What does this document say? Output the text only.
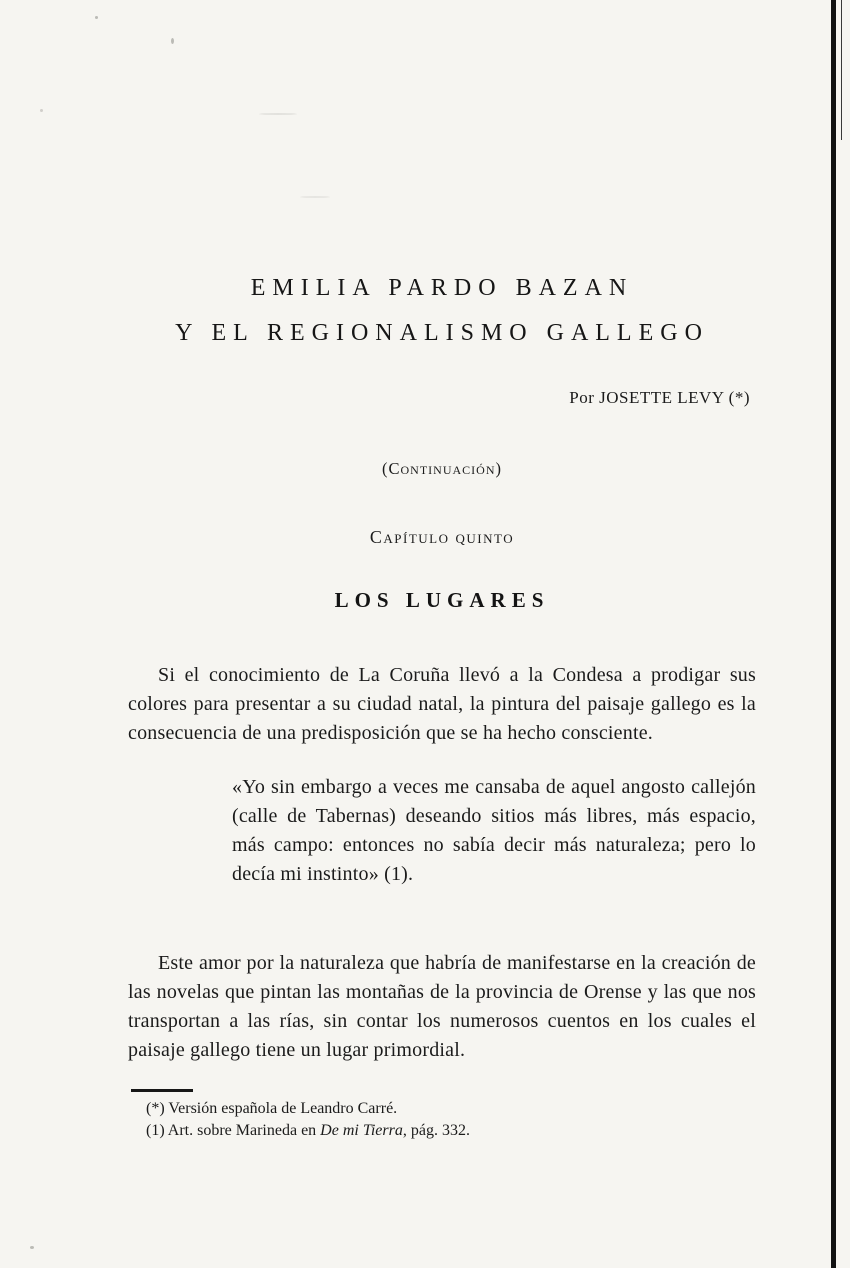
EMILIA PARDO BAZAN
Y EL REGIONALISMO GALLEGO
Por JOSETTE LEVY (*)
(Continuación)
Capítulo quinto
LOS LUGARES

Si el conocimiento de La Coruña llevó a la Condesa a prodigar sus colores para presentar a su ciudad natal, la pintura del paisaje gallego es la consecuencia de una predisposición que se ha hecho consciente.

«Yo sin embargo a veces me cansaba de aquel angosto callejón (calle de Tabernas) deseando sitios más libres, más espacio, más campo: entonces no sabía decir más naturaleza; pero lo decía mi instinto» (1).

Este amor por la naturaleza que habría de manifestarse en la creación de las novelas que pintan las montañas de la provincia de Orense y las que nos transportan a las rías, sin contar los numerosos cuentos en los cuales el paisaje gallego tiene un lugar primordial.

(*) Versión española de Leandro Carré.
(1) Art. sobre Marineda en De mi Tierra, pág. 332.
